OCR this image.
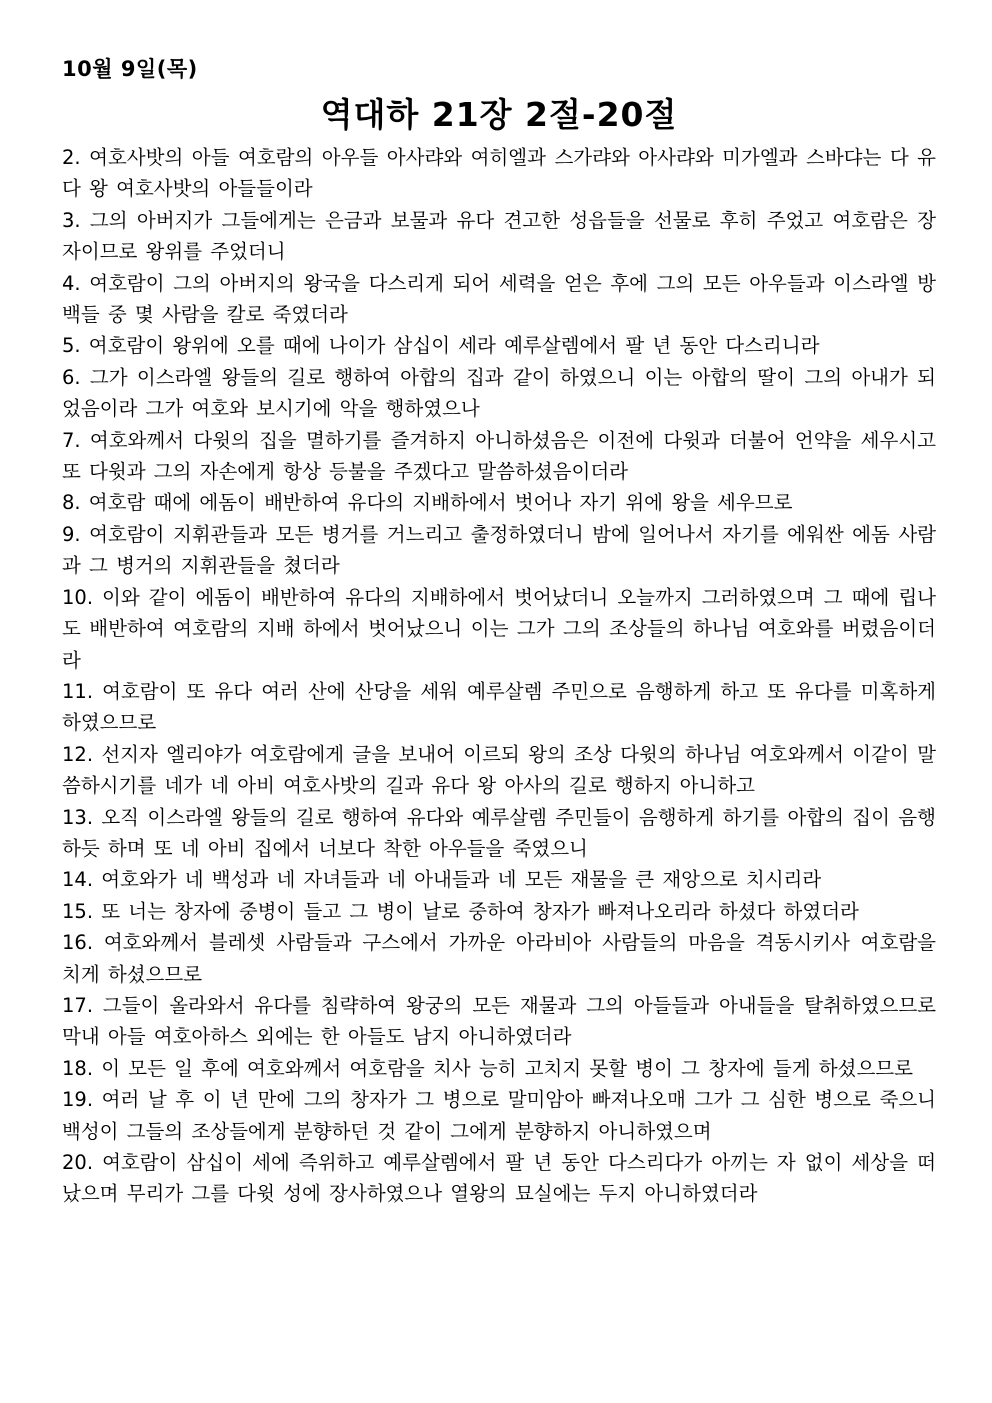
10월 9일(목)
역대하 21장 2절-20절

2. 여호사밧의 아들 여호람의 아우들 아사랴와 여히엘과 스가랴와 아사랴와 미가엘과 스바댜는 다 유다 왕 여호사밧의 아들들이라

3. 그의 아버지가 그들에게는 은금과 보물과 유다 견고한 성읍들을 선물로 후히 주었고 여호람은 장자이므로 왕위를 주었더니

4. 여호람이 그의 아버지의 왕국을 다스리게 되어 세력을 얻은 후에 그의 모든 아우들과 이스라엘 방백들 중 몇 사람을 칼로 죽였더라

5. 여호람이 왕위에 오를 때에 나이가 삼십이 세라 예루살렘에서 팔 년 동안 다스리니라

6. 그가 이스라엘 왕들의 길로 행하여 아합의 집과 같이 하였으니 이는 아합의 딸이 그의 아내가 되었음이라 그가 여호와 보시기에 악을 행하였으나

7. 여호와께서 다윗의 집을 멸하기를 즐겨하지 아니하셨음은 이전에 다윗과 더불어 언약을 세우시고 또 다윗과 그의 자손에게 항상 등불을 주겠다고 말씀하셨음이더라

8. 여호람 때에 에돔이 배반하여 유다의 지배하에서 벗어나 자기 위에 왕을 세우므로

9. 여호람이 지휘관들과 모든 병거를 거느리고 출정하였더니 밤에 일어나서 자기를 에워싼 에돔 사람과 그 병거의 지휘관들을 쳤더라

10. 이와 같이 에돔이 배반하여 유다의 지배하에서 벗어났더니 오늘까지 그러하였으며 그 때에 립나도 배반하여 여호람의 지배 하에서 벗어났으니 이는 그가 그의 조상들의 하나님 여호와를 버렸음이더라

11. 여호람이 또 유다 여러 산에 산당을 세워 예루살렘 주민으로 음행하게 하고 또 유다를 미혹하게 하였으므로

12. 선지자 엘리야가 여호람에게 글을 보내어 이르되 왕의 조상 다윗의 하나님 여호와께서 이같이 말씀하시기를 네가 네 아비 여호사밧의 길과 유다 왕 아사의 길로 행하지 아니하고

13. 오직 이스라엘 왕들의 길로 행하여 유다와 예루살렘 주민들이 음행하게 하기를 아합의 집이 음행하듯 하며 또 네 아비 집에서 너보다 착한 아우들을 죽였으니

14. 여호와가 네 백성과 네 자녀들과 네 아내들과 네 모든 재물을 큰 재앙으로 치시리라

15. 또 너는 창자에 중병이 들고 그 병이 날로 중하여 창자가 빠져나오리라 하셨다 하였더라

16. 여호와께서 블레셋 사람들과 구스에서 가까운 아라비아 사람들의 마음을 격동시키사 여호람을 치게 하셨으므로

17. 그들이 올라와서 유다를 침략하여 왕궁의 모든 재물과 그의 아들들과 아내들을 탈취하였으므로 막내 아들 여호아하스 외에는 한 아들도 남지 아니하였더라

18. 이 모든 일 후에 여호와께서 여호람을 치사 능히 고치지 못할 병이 그 창자에 들게 하셨으므로

19. 여러 날 후 이 년 만에 그의 창자가 그 병으로 말미암아 빠져나오매 그가 그 심한 병으로 죽으니 백성이 그들의 조상들에게 분향하던 것 같이 그에게 분향하지 아니하였으며

20. 여호람이 삼십이 세에 즉위하고 예루살렘에서 팔 년 동안 다스리다가 아끼는 자 없이 세상을 떠났으며 무리가 그를 다윗 성에 장사하였으나 열왕의 묘실에는 두지 아니하였더라
